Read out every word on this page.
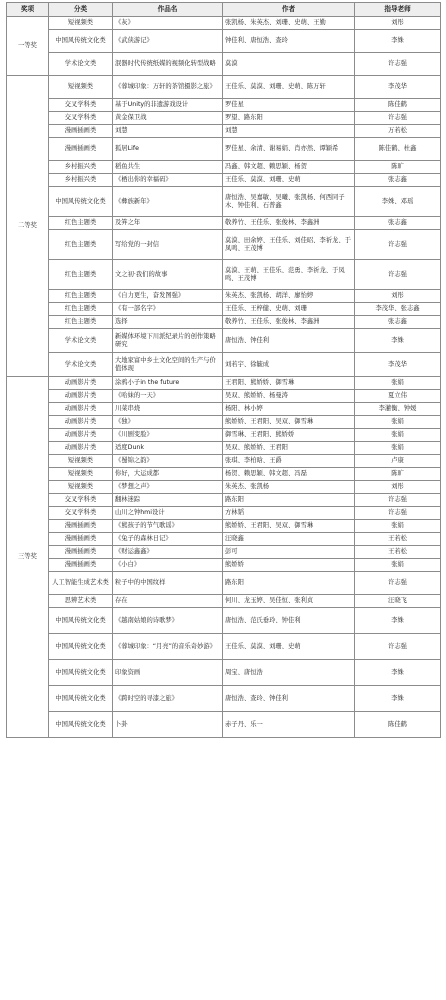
奖项	分类	作品名	作者	指导老师
一等奖	短视频类	《灰》	张凯杨、朱英杰、刘珊、史萌、王勤	刘彤
	中国风传统文化类	《武侠游记》	钟佳利、唐恒浩、查玲	李姝
	学术论文类	泯器时代传统纸媒的视频化转型战略	莫漠	许志强
二等奖	短视频类	《蓉城印象：万轩的茶馆摄影之旅》	王佳乐、莫漠、刘珊、史萌、陈万轩	李茂华
	交叉学科类	基于Unity的非遗游戏设计	罗佳星	陈佳鹤
	交叉学科类	黄金保卫战	罗望、路东阳	许志强
	漫画插画类	刘慧	刘慧	万若松
	漫画插画类	狐居Life	罗佳星、余清、谢易娟、肖亦然、谭颖希	陈佳鹤、杜鑫
	乡村振兴类	稻鱼共生	冯鑫、韩文超、赖思颖、杨贺	陈旷
	乡村振兴类	《栖出你的幸福码》	王佳乐、莫漠、刘珊、史萌	张志鑫
	中国风传统文化类	《彝族新年》	唐恒浩、吴嘉敏、吴曦、张凯杨、何西同子木、钟佳利、石普鑫	李姝、邓瑶
	红色主题类	及笄之年	敬养竹、王佳乐、张俊林、李鑫洲	张志鑫
	红色主题类	写给党的一封信	莫漠、田余婷、王佳乐、刘佳昭、李祈龙、于凤鸣、王茂博	许志强
	红色主题类	文之初·我们的故事	莫漠、王萌、王佳乐、范勇、李祈龙、于凤鸣、王茂博	许志强
	红色主题类	《自力更生，奋发图强》	朱英杰、张凯杨、胡洋、廖怡婷	刘彤
	红色主题类	《有一部名字》	王佳乐、王梓健、史萌、刘珊	李茂华、张志鑫
	红色主题类	选择	敬养竹、王佳乐、张俊林、李鑫洲	张志鑫
	学术论文类	新媒体环境下川派纪录片的创作策略研究	唐恒浩、钟佳利	李姝
	学术论文类	大地家富中乡土文化空间的生产与价值体现	刘若宇、徐毓成	李茂华
三等奖	动画影片类	涂鸦小子in the future	王君阳、熊娇娇、御雪琳	张娟
	动画影片类	《哈妹的一天》	吴双、熊娇娇、杨曼涛	夏立伟
	动画影片类	川菜串烧	杨阳、林小婷	李灌衡、钟媛
	动画影片类	《独》	熊娇娇、王君阳、吴双、御雪琳	张娟
	动画影片类	《川剧变脸》	御雪琳、王君阳、熊娇娇	张娟
	动画影片类	适度Dunk	吴双、熊娇娇、王君阳	张娟
	短视频类	《蜀锦之韵》	张琪、李柏晗、王爵	卢康
	短视频类	你好，大运成都	杨贺、赖思颖、韩文超、冯磊	陈旷
	短视频类	《梦想之声》	朱英杰、张凯杨	刘彤
	交叉学科类	翻林迷踪	路东阳	许志强
	交叉学科类	山川之钟hmi设计	方林韬	许志强
	漫画插画类	《熊孩子的节气歌谣》	熊娇娇、王君阳、吴双、御雪琳	张娟
	漫画插画类	《兔子的森林日记》	汪晓鑫	王若松
	漫画插画类	《财运鑫鑫》	彭可	王若松
	漫画插画类	《小白》	熊娇娇	张娟
	人工智能生成艺术类	粒子中的中国纹样	路东阳	许志强
	思辨艺术类	存在	何川、龙玉婷、吴佳恒、张利贞	汪晓飞
	中国风传统文化类	《越南姑娘的诗歌梦》	唐恒浩、范氏垂玲、钟佳利	李姝
	中国风传统文化类	《蓉城印象：“月亮”的音乐奇妙游》	王佳乐、莫漠、刘珊、史萌	许志强
	中国风传统文化类	印象资画	周宝、唐恒浩	李姝
	中国风传统文化类	《跨时空的寻漆之旅》	唐恒浩、查玲、钟佳利	李姝
	中国风传统文化类	卜卦	赤子丹、乐一	陈佳鹤
